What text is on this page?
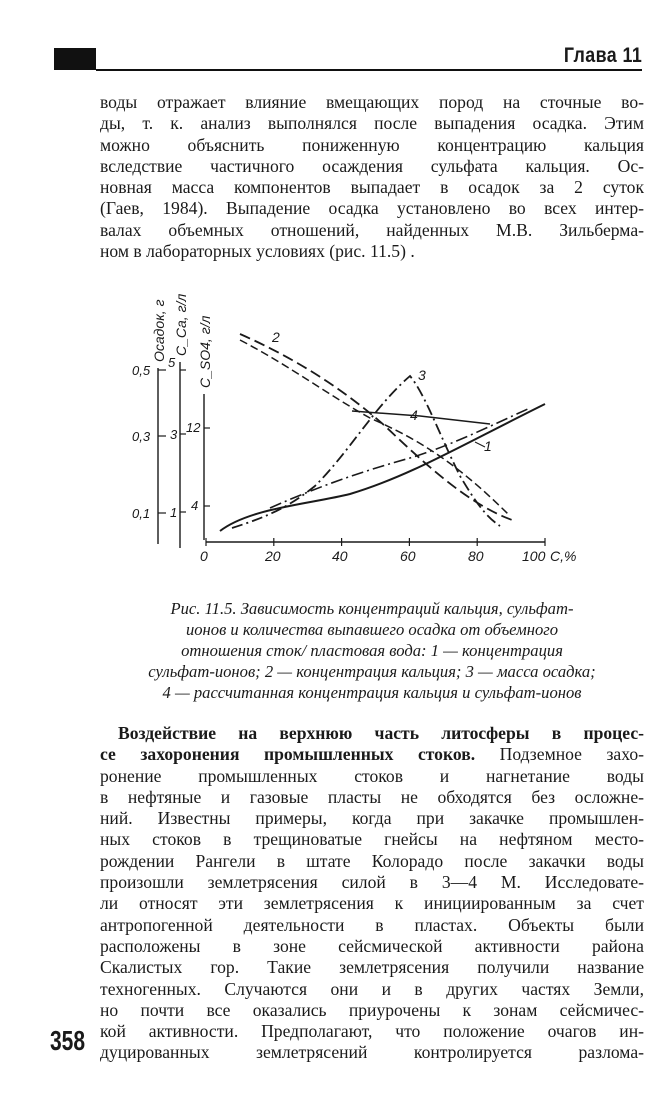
Глава 11
воды отражает влияние вмещающих пород на сточные во-
ды, т. к. анализ выполнялся после выпадения осадка. Этим
можно объяснить пониженную концентрацию кальция
вследствие частичного осаждения сульфата кальция. Ос-
новная масса компонентов выпадает в осадок за 2 суток
(Гаев, 1984). Выпадение осадка установлено во всех интер-
валах объемных отношений, найденных М.В. Зильберма-
ном в лабораторных условиях (рис. 11.5) .
0,5
0,3
0,1
5
3
1
12
4
Осадок, г C_Ca, г/л C_SO4, г/л	2
3
4
1
0	20	40	60	80	100 C,%
Рис. 11.5. Зависимость концентраций кальция, сульфат-
ионов и количества выпавшего осадка от объемного
отношения сток/ пластовая вода: 1 — концентрация
сульфат-ионов; 2 — концентрация кальция; 3 — масса осадка;
4 — рассчитанная концентрация кальция и сульфат-ионов
Воздействие на верхнюю часть литосферы в процес-
се захоронения промышленных стоков. Подземное захо-
ронение промышленных стоков и нагнетание воды
в нефтяные и газовые пласты не обходятся без осложне-
ний. Известны примеры, когда при закачке промышлен-
ных стоков в трещиноватые гнейсы на нефтяном место-
рождении Рангели в штате Колорадо после закачки воды
произошли землетрясения силой в 3—4 М. Исследовате-
ли относят эти землетрясения к инициированным за счет
антропогенной деятельности в пластах. Объекты были
расположены в зоне сейсмической активности района
Скалистых гор. Такие землетрясения получили название
техногенных. Случаются они и в других частях Земли,
но почти все оказались приурочены к зонам сейсмичес-
кой активности. Предполагают, что положение очагов ин-
дуцированных землетрясений контролируется разлома-
358
